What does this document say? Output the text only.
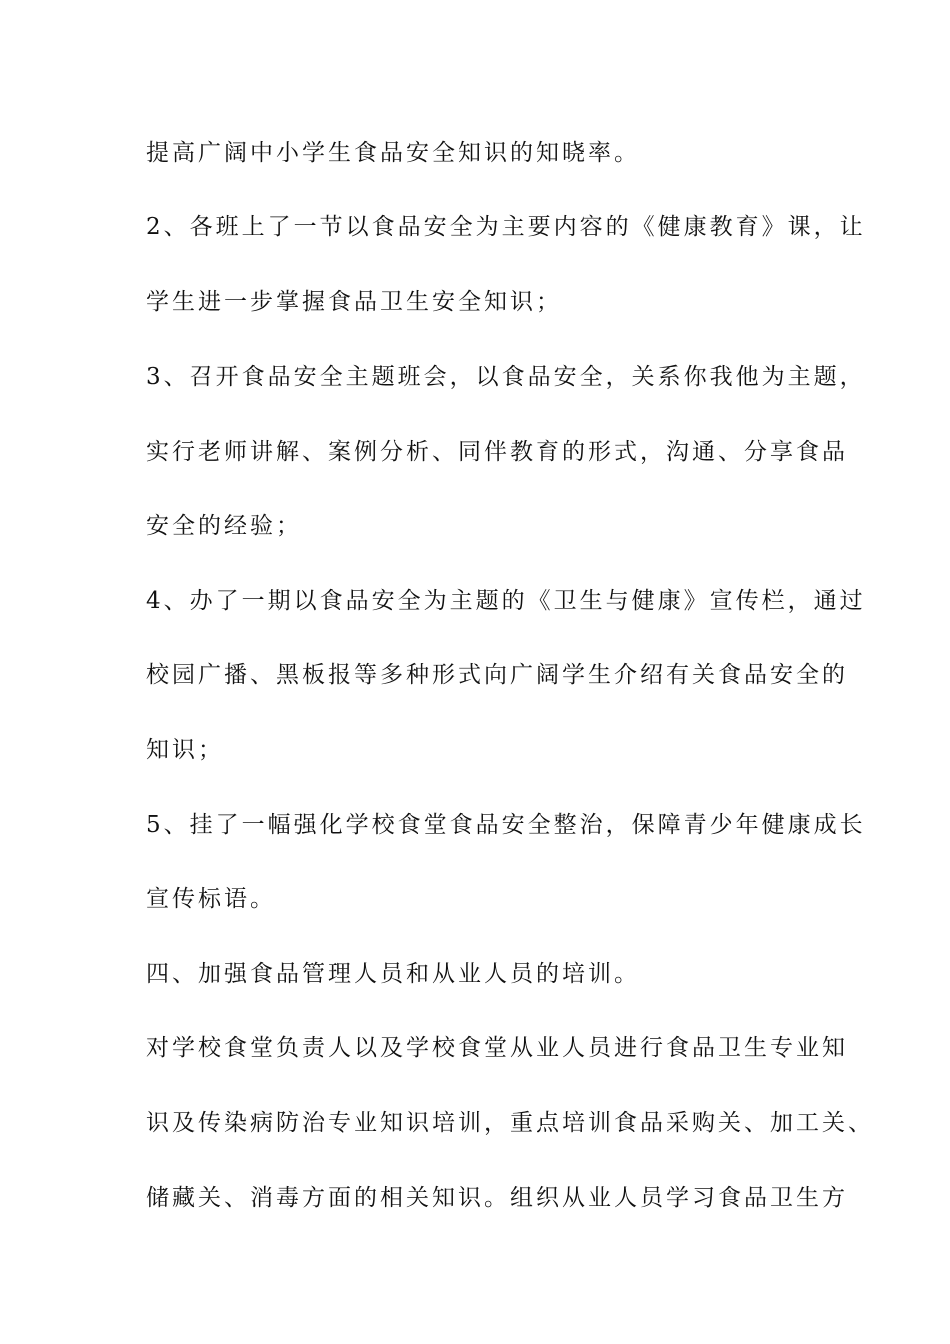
提高广阔中小学生食品安全知识的知晓率。
2、各班上了一节以食品安全为主要内容的《健康教育》课，让
学生进一步掌握食品卫生安全知识；
3、召开食品安全主题班会，以食品安全，关系你我他为主题，
实行老师讲解、案例分析、同伴教育的形式，沟通、分享食品
安全的经验；
4、办了一期以食品安全为主题的《卫生与健康》宣传栏，通过
校园广播、黑板报等多种形式向广阔学生介绍有关食品安全的
知识；
5、挂了一幅强化学校食堂食品安全整治，保障青少年健康成长
宣传标语。
四、加强食品管理人员和从业人员的培训。
对学校食堂负责人以及学校食堂从业人员进行食品卫生专业知
识及传染病防治专业知识培训，重点培训食品采购关、加工关、
储藏关、消毒方面的相关知识。组织从业人员学习食品卫生方
